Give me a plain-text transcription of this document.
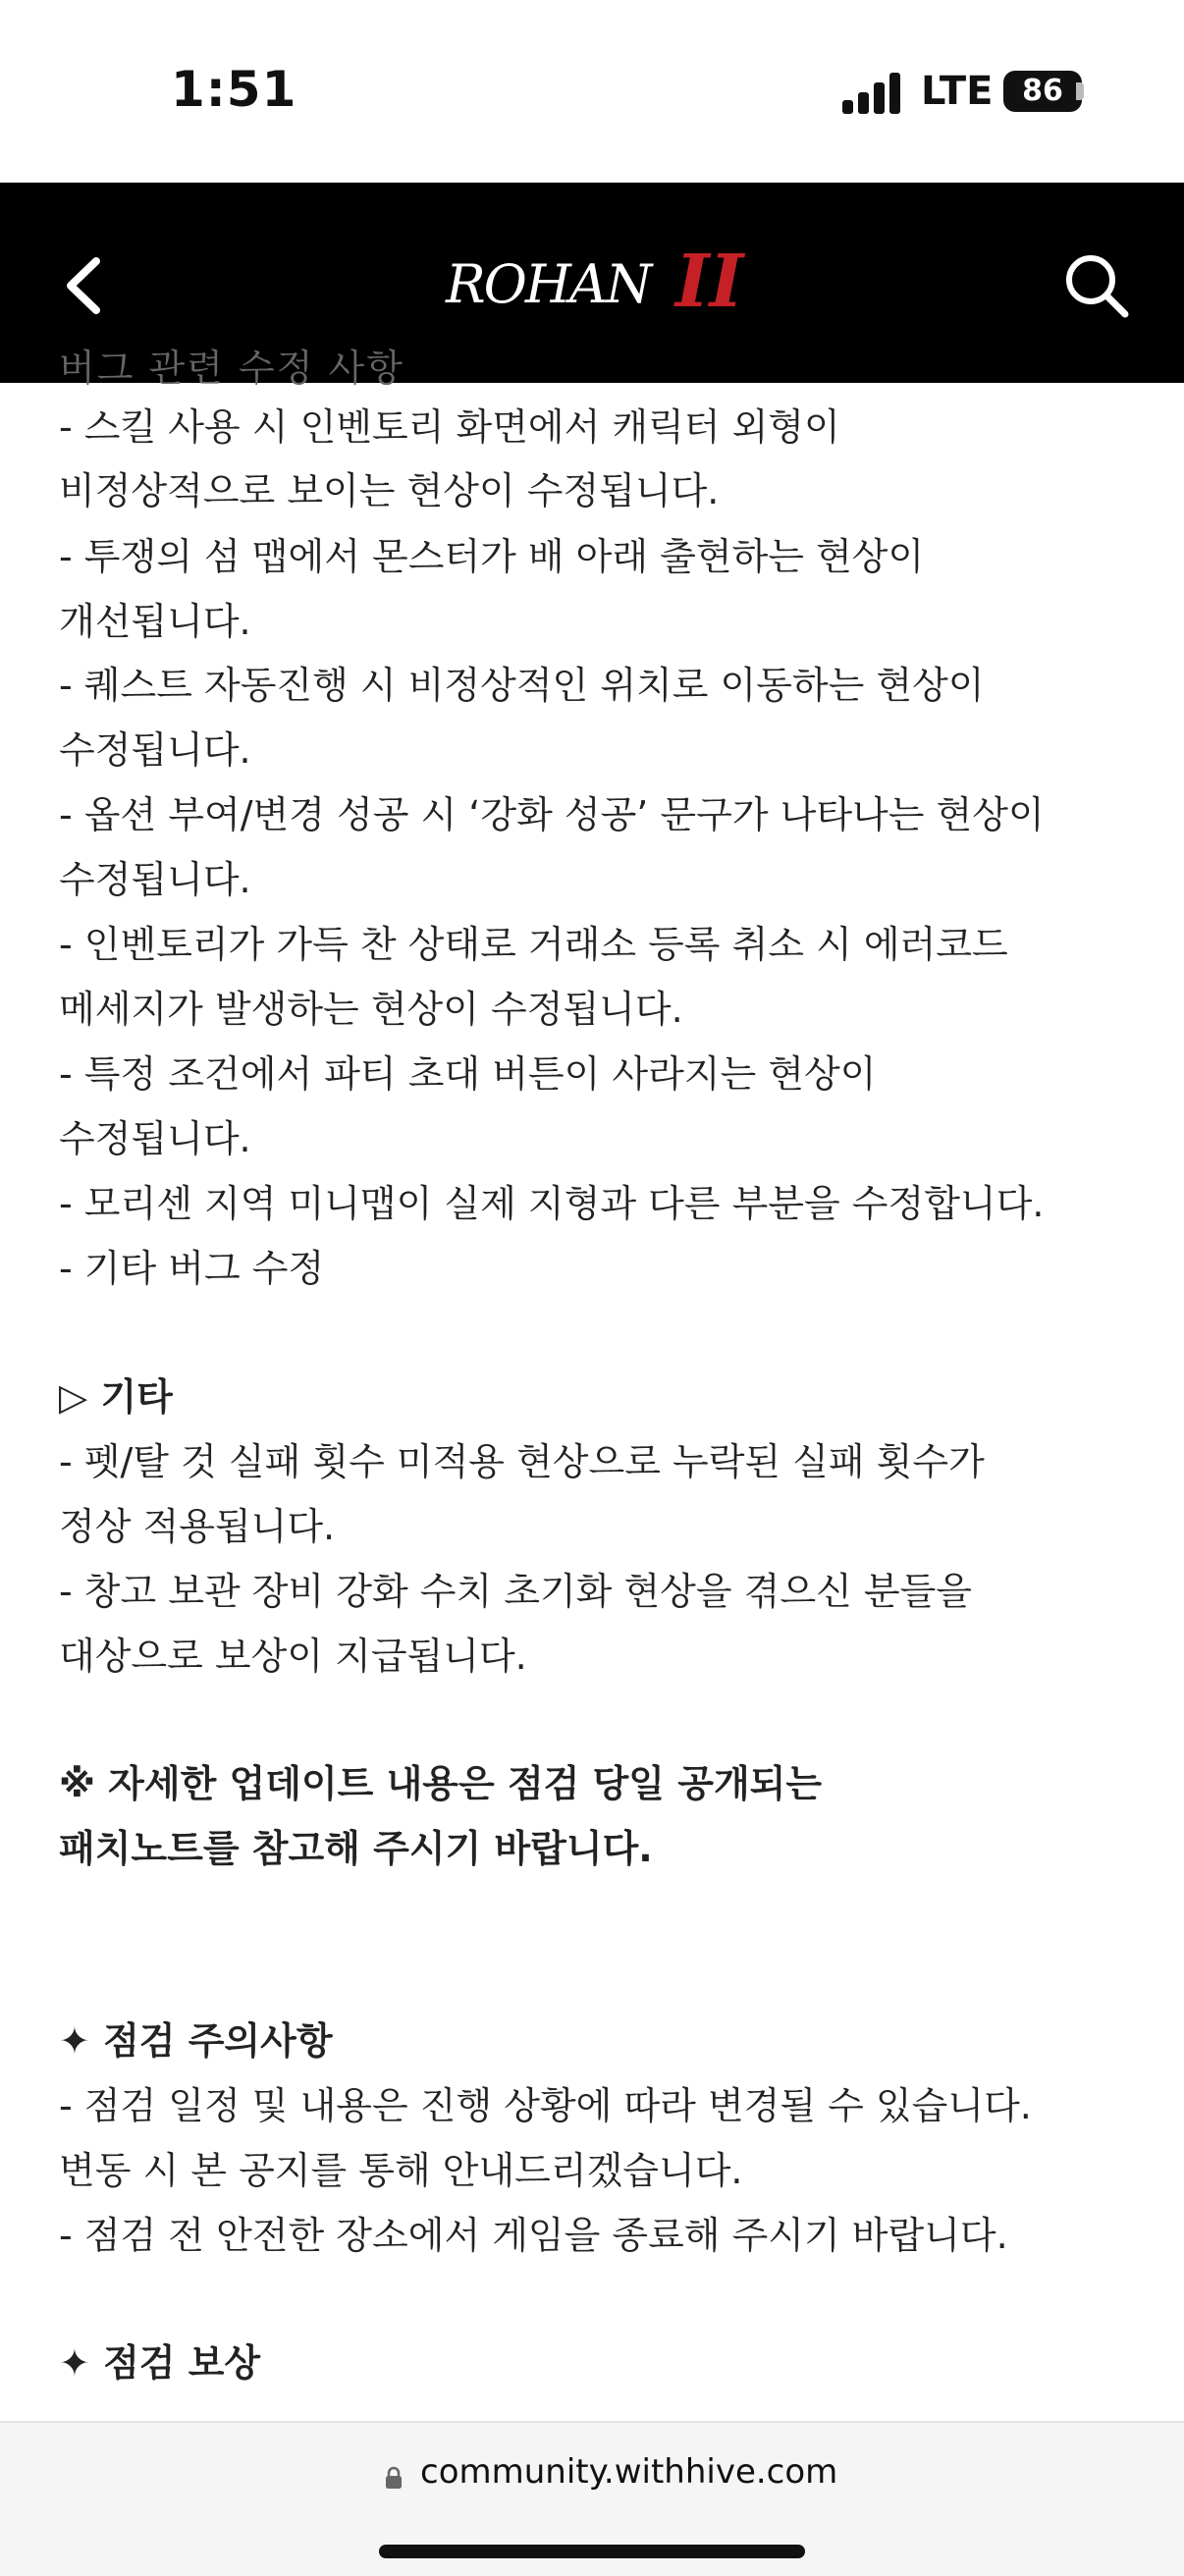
1:51	LTE 86
ROHAN II
버그 관련 수정 사항
- 스킬 사용 시 인벤토리 화면에서 캐릭터 외형이
비정상적으로 보이는 현상이 수정됩니다.
- 투쟁의 섬 맵에서 몬스터가 배 아래 출현하는 현상이
개선됩니다.
- 퀘스트 자동진행 시 비정상적인 위치로 이동하는 현상이
수정됩니다.
- 옵션 부여/변경 성공 시 ‘강화 성공’ 문구가 나타나는 현상이
수정됩니다.
- 인벤토리가 가득 찬 상태로 거래소 등록 취소 시 에러코드
메세지가 발생하는 현상이 수정됩니다.
- 특정 조건에서 파티 초대 버튼이 사라지는 현상이
수정됩니다.
- 모리센 지역 미니맵이 실제 지형과 다른 부분을 수정합니다.
- 기타 버그 수정
▷ 기타
- 펫/탈 것 실패 횟수 미적용 현상으로 누락된 실패 횟수가
정상 적용됩니다.
- 창고 보관 장비 강화 수치 초기화 현상을 겪으신 분들을
대상으로 보상이 지급됩니다.
※ 자세한 업데이트 내용은 점검 당일 공개되는
패치노트를 참고해 주시기 바랍니다.
✦ 점검 주의사항
- 점검 일정 및 내용은 진행 상황에 따라 변경될 수 있습니다.
변동 시 본 공지를 통해 안내드리겠습니다.
- 점검 전 안전한 장소에서 게임을 종료해 주시기 바랍니다.
✦ 점검 보상
community.withhive.com
